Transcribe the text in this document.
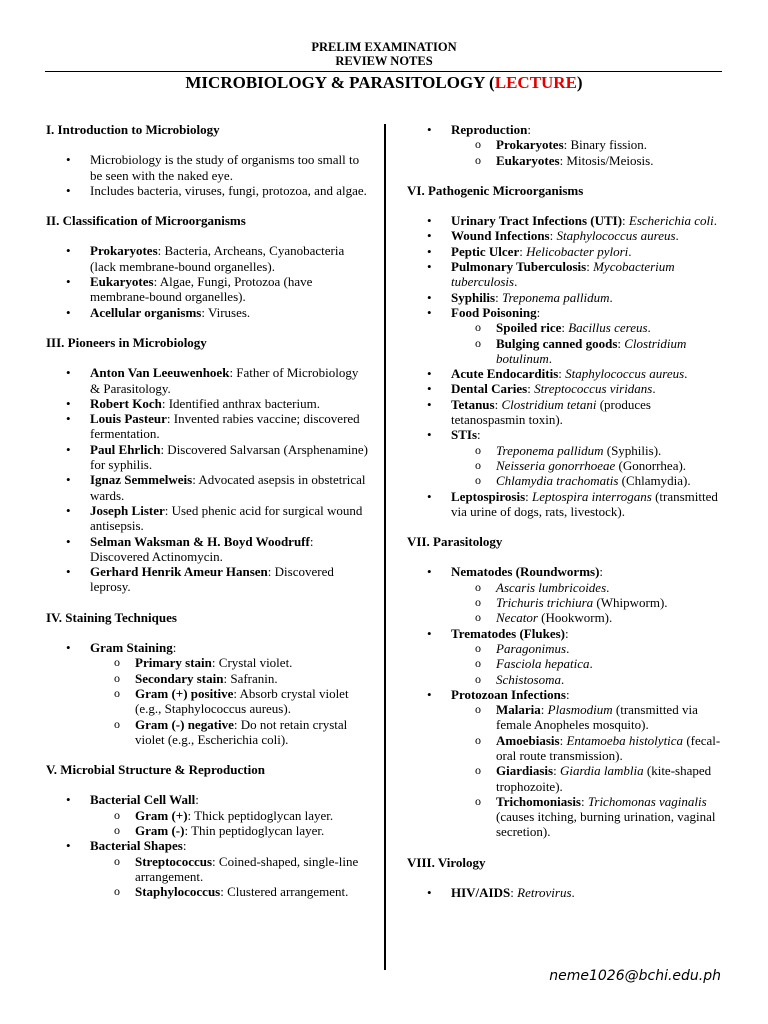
PRELIM EXAMINATION
REVIEW NOTES
MICROBIOLOGY & PARASITOLOGY (LECTURE)
I. Introduction to Microbiology
• Microbiology is the study of organisms too small to be seen with the naked eye.
• Includes bacteria, viruses, fungi, protozoa, and algae.
II. Classification of Microorganisms
• Prokaryotes: Bacteria, Archeans, Cyanobacteria (lack membrane-bound organelles).
• Eukaryotes: Algae, Fungi, Protozoa (have membrane-bound organelles).
• Acellular organisms: Viruses.
III. Pioneers in Microbiology
• Anton Van Leeuwenhoek: Father of Microbiology & Parasitology.
• Robert Koch: Identified anthrax bacterium.
• Louis Pasteur: Invented rabies vaccine; discovered fermentation.
• Paul Ehrlich: Discovered Salvarsan (Arsphenamine) for syphilis.
• Ignaz Semmelweis: Advocated asepsis in obstetrical wards.
• Joseph Lister: Used phenic acid for surgical wound antisepsis.
• Selman Waksman & H. Boyd Woodruff: Discovered Actinomycin.
• Gerhard Henrik Ameur Hansen: Discovered leprosy.
IV. Staining Techniques
• Gram Staining:
o Primary stain: Crystal violet.
o Secondary stain: Safranin.
o Gram (+) positive: Absorb crystal violet (e.g., Staphylococcus aureus).
o Gram (-) negative: Do not retain crystal violet (e.g., Escherichia coli).
V. Microbial Structure & Reproduction
• Bacterial Cell Wall:
o Gram (+): Thick peptidoglycan layer.
o Gram (-): Thin peptidoglycan layer.
• Bacterial Shapes:
o Streptococcus: Coined-shaped, single-line arrangement.
o Staphylococcus: Clustered arrangement.
• Reproduction:
o Prokaryotes: Binary fission.
o Eukaryotes: Mitosis/Meiosis.
VI. Pathogenic Microorganisms
• Urinary Tract Infections (UTI): Escherichia coli.
• Wound Infections: Staphylococcus aureus.
• Peptic Ulcer: Helicobacter pylori.
• Pulmonary Tuberculosis: Mycobacterium tuberculosis.
• Syphilis: Treponema pallidum.
• Food Poisoning:
o Spoiled rice: Bacillus cereus.
o Bulging canned goods: Clostridium botulinum.
• Acute Endocarditis: Staphylococcus aureus.
• Dental Caries: Streptococcus viridans.
• Tetanus: Clostridium tetani (produces tetanospasmin toxin).
• STIs:
o Treponema pallidum (Syphilis).
o Neisseria gonorrhoeae (Gonorrhea).
o Chlamydia trachomatis (Chlamydia).
• Leptospirosis: Leptospira interrogans (transmitted via urine of dogs, rats, livestock).
VII. Parasitology
• Nematodes (Roundworms):
o Ascaris lumbricoides.
o Trichuris trichiura (Whipworm).
o Necator (Hookworm).
• Trematodes (Flukes):
o Paragonimus.
o Fasciola hepatica.
o Schistosoma.
• Protozoan Infections:
o Malaria: Plasmodium (transmitted via female Anopheles mosquito).
o Amoebiasis: Entamoeba histolytica (fecal-oral route transmission).
o Giardiasis: Giardia lamblia (kite-shaped trophozoite).
o Trichomoniasis: Trichomonas vaginalis (causes itching, burning urination, vaginal secretion).
VIII. Virology
• HIV/AIDS: Retrovirus.
neme1026@bchi.edu.ph
